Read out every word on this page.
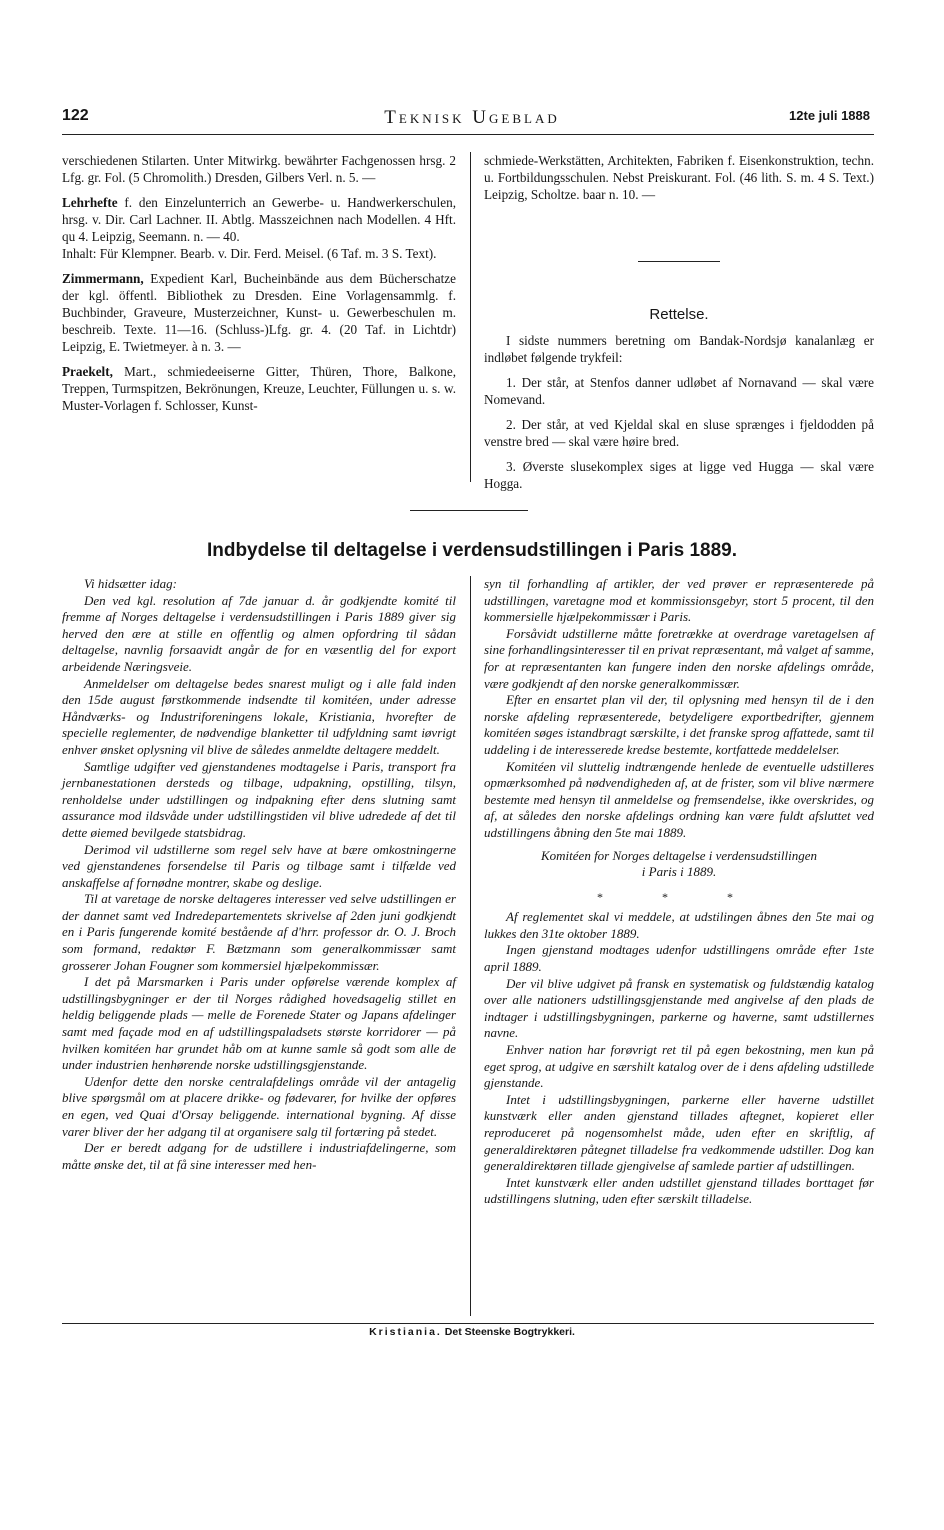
122	Teknisk Ugeblad	12te juli 1888

verschiedenen Stilarten. Unter Mitwirkg. bewährter Fachgenossen hrsg. 2 Lfg. gr. Fol. (5 Chromolith.) Dresden, Gilbers Verl. n. 5. —

Lehrhefte f. den Einzelunterrich an Gewerbe- u. Handwerkerschulen, hrsg. v. Dir. Carl Lachner. II. Abtlg. Masszeichnen nach Modellen. 4 Hft. qu 4. Leipzig, Seemann. n. — 40.

Inhalt: Für Klempner. Bearb. v. Dir. Ferd. Meisel. (6 Taf. m. 3 S. Text).

Zimmermann, Expedient Karl, Bucheinbände aus dem Bücherschatze der kgl. öffentl. Bibliothek zu Dresden. Eine Vorlagensammlg. f. Buchbinder, Graveure, Musterzeichner, Kunst- u. Gewerbeschulen m. beschreib. Texte. 11—16. (Schluss-)Lfg. gr. 4. (20 Taf. in Lichtdr) Leipzig, E. Twietmeyer. à n. 3. —

Praekelt, Mart., schmiedeeiserne Gitter, Thüren, Thore, Balkone, Treppen, Turmspitzen, Bekrönungen, Kreuze, Leuchter, Füllungen u. s. w. Muster-Vorlagen f. Schlosser, Kunst-

schmiede-Werkstätten, Architekten, Fabriken f. Eisenkonstruktion, techn. u. Fortbildungsschulen. Nebst Preiskurant. Fol. (46 lith. S. m. 4 S. Text.) Leipzig, Scholtze. baar n. 10. —

Rettelse.

I sidste nummers beretning om Bandak-Nordsjø kanalanlæg er indløbet følgende trykfeil:

1. Der står, at Stenfos danner udløbet af Nornavand — skal være Nomevand.

2. Der står, at ved Kjeldal skal en sluse sprænges i fjeldodden på venstre bred — skal være høire bred.

3. Øverste slusekomplex siges at ligge ved Hugga — skal være Hogga.

Indbydelse til deltagelse i verdensudstillingen i Paris 1889.

Vi hidsætter idag:

Den ved kgl. resolution af 7de januar d. år godkjendte komité til fremme af Norges deltagelse i verdensudstillingen i Paris 1889 giver sig herved den ære at stille en offentlig og almen opfordring til sådan deltagelse, navnlig forsaavidt angår de for en væsentlig del for export arbeidende Næringsveie.

Anmeldelser om deltagelse bedes snarest muligt og i alle fald inden den 15de august førstkommende indsendte til komitéen, under adresse Håndværks- og Industriforeningens lokale, Kristiania, hvorefter de specielle reglementer, de nødvendige blanketter til udfyldning samt iøvrigt enhver ønsket oplysning vil blive de således anmeldte deltagere meddelt.

Samtlige udgifter ved gjenstandenes modtagelse i Paris, transport fra jernbanestationen dersteds og tilbage, udpakning, opstilling, tilsyn, renholdelse under udstillingen og indpakning efter dens slutning samt assurance mod ildsvåde under udstillingstiden vil blive udredede af det til dette øiemed bevilgede statsbidrag.

Derimod vil udstillerne som regel selv have at bære omkostningerne ved gjenstandenes forsendelse til Paris og tilbage samt i tilfælde ved anskaffelse af fornødne montrer, skabe og deslige.

Til at varetage de norske deltageres interesser ved selve udstillingen er der dannet samt ved Indredepartementets skrivelse af 2den juni godkjendt en i Paris fungerende komité bestående af d'hrr. professor dr. O. J. Broch som formand, redaktør F. Bætzmann som generalkommissær samt grosserer Johan Fougner som kommersiel hjælpekommissær.

I det på Marsmarken i Paris under opførelse værende komplex af udstillingsbygninger er der til Norges rådighed hovedsagelig stillet en heldig beliggende plads — melle de Forenede Stater og Japans afdelinger samt med façade mod en af udstillingspaladsets største korridorer — på hvilken komitéen har grundet håb om at kunne samle så godt som alle de under industrien henhørende norske udstillingsgjenstande.

Udenfor dette den norske centralafdelings område vil der antagelig blive spørgsmål om at placere drikke- og fødevarer, for hvilke der opføres en egen, ved Quai d'Orsay beliggende. international bygning. Af disse varer bliver der her adgang til at organisere salg til fortæring på stedet.

Der er beredt adgang for de udstillere i industriafdelingerne, som måtte ønske det, til at få sine interesser med hen-

syn til forhandling af artikler, der ved prøver er repræsenterede på udstillingen, varetagne mod et kommissionsgebyr, stort 5 procent, til den kommersielle hjælpekommissær i Paris.

Forsåvidt udstillerne måtte foretrække at overdrage varetagelsen af sine forhandlingsinteresser til en privat repræsentant, må valget af samme, for at repræsentanten kan fungere inden den norske afdelings område, være godkjendt af den norske generalkommissær.

Efter en ensartet plan vil der, til oplysning med hensyn til de i den norske afdeling repræsenterede, betydeligere exportbedrifter, gjennem komitéen søges istandbragt særskilte, i det franske sprog affattede, samt til uddeling i de interesserede kredse bestemte, kortfattede meddelelser.

Komitéen vil sluttelig indtrængende henlede de eventuelle udstilleres opmærksomhed på nødvendigheden af, at de frister, som vil blive nærmere bestemte med hensyn til anmeldelse og fremsendelse, ikke overskrides, og af, at således den norske afdelings ordning kan være fuldt afsluttet ved udstillingens åbning den 5te mai 1889.

Komitéen for Norges deltagelse i verdensudstillingen

i Paris i 1889.

* * *

Af reglementet skal vi meddele, at udstilingen åbnes den 5te mai og lukkes den 31te oktober 1889.

Ingen gjenstand modtages udenfor udstillingens område efter 1ste april 1889.

Der vil blive udgivet på fransk en systematisk og fuldstændig katalog over alle nationers udstillingsgjenstande med angivelse af den plads de indtager i udstillingsbygningen, parkerne og haverne, samt udstillernes navne.

Enhver nation har forøvrigt ret til på egen bekostning, men kun på eget sprog, at udgive en særshilt katalog over de i dens afdeling udstillede gjenstande.

Intet i udstillingsbygningen, parkerne eller haverne udstillet kunstværk eller anden gjenstand tillades aftegnet, kopieret eller reproduceret på nogensomhelst måde, uden efter en skriftlig, af generaldirektøren påtegnet tilladelse fra vedkommende udstiller. Dog kan generaldirektøren tillade gjengivelse af samlede partier af udstillingen.

Intet kunstværk eller anden udstillet gjenstand tillades borttaget før udstillingens slutning, uden efter særskilt tilladelse.

Kristiania. Det Steenske Bogtrykkeri.
